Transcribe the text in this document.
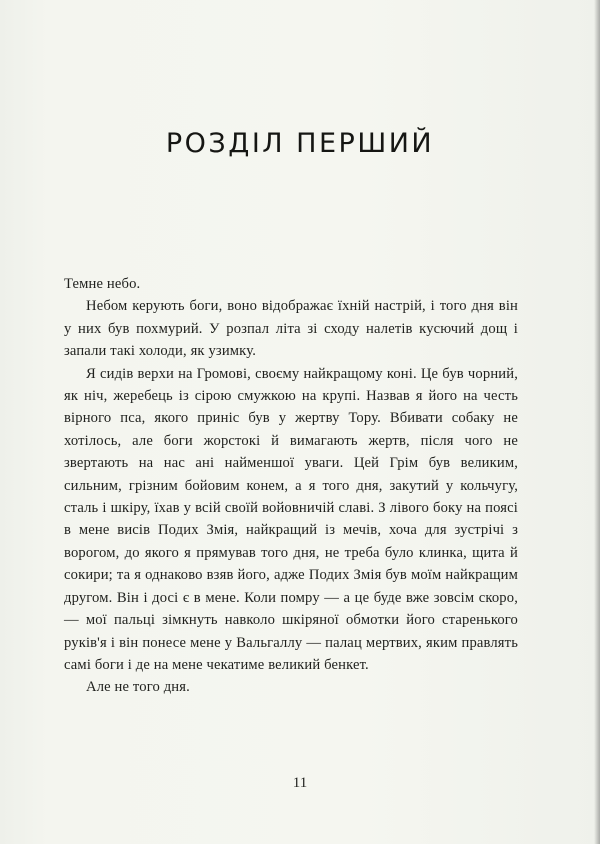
РОЗДІЛ ПЕРШИЙ

Темне небо.

Небом керують боги, воно відображає їхній настрій, і того дня він у них був похмурий. У розпал літа зі сходу налетів кусючий дощ і запали такі холоди, як узимку.

Я сидів верхи на Громові, своєму найкращому коні. Це був чорний, як ніч, жеребець із сірою смужкою на крупі. Назвав я його на честь вірного пса, якого приніс був у жертву Тору. Вбивати собаку не хотілось, але боги жорстокі й вимагають жертв, після чого не звертають на нас ані найменшої уваги. Цей Грім був великим, сильним, грізним бойовим конем, а я того дня, закутий у кольчугу, сталь і шкіру, їхав у всій своїй войовничій славі. З лівого боку на поясі в мене висів Подих Змія, найкращий із мечів, хоча для зустрічі з ворогом, до якого я прямував того дня, не треба було клинка, щита й сокири; та я однаково взяв його, адже Подих Змія був моїм найкращим другом. Він і досі є в мене. Коли помру — а це буде вже зовсім скоро, — мої пальці зімкнуть навколо шкіряної обмотки його старенького руків'я і він понесе мене у Вальгаллу — палац мертвих, яким правлять самі боги і де на мене чекатиме великий бенкет.

Але не того дня.

11
